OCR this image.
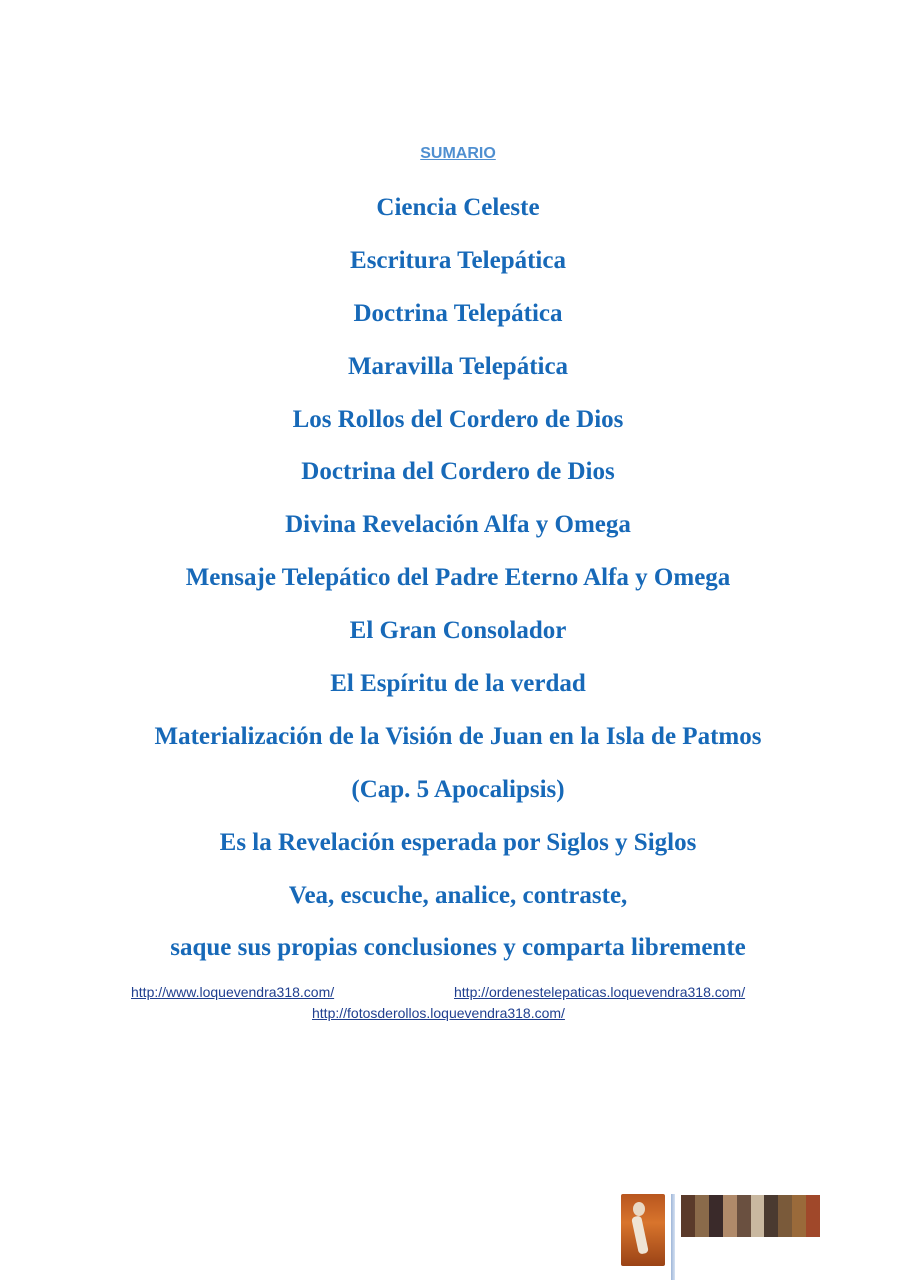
SUMARIO
Ciencia Celeste
Escritura Telepática
Doctrina Telepática
Maravilla Telepática
Los Rollos del Cordero de Dios
Doctrina del Cordero de Dios
Divina Revelación Alfa y Omega
Mensaje Telepático del Padre Eterno Alfa y Omega
El Gran Consolador
El Espíritu de la verdad
Materialización de la Visión de Juan en la Isla de Patmos
(Cap. 5 Apocalipsis)
Es la Revelación esperada por Siglos y Siglos
Vea, escuche, analice, contraste,
saque sus propias conclusiones y comparta libremente
http://www.loquevendra318.com/	http://ordenestelepaticas.loquevendra318.com/
http://fotosderollos.loquevendra318.com/
